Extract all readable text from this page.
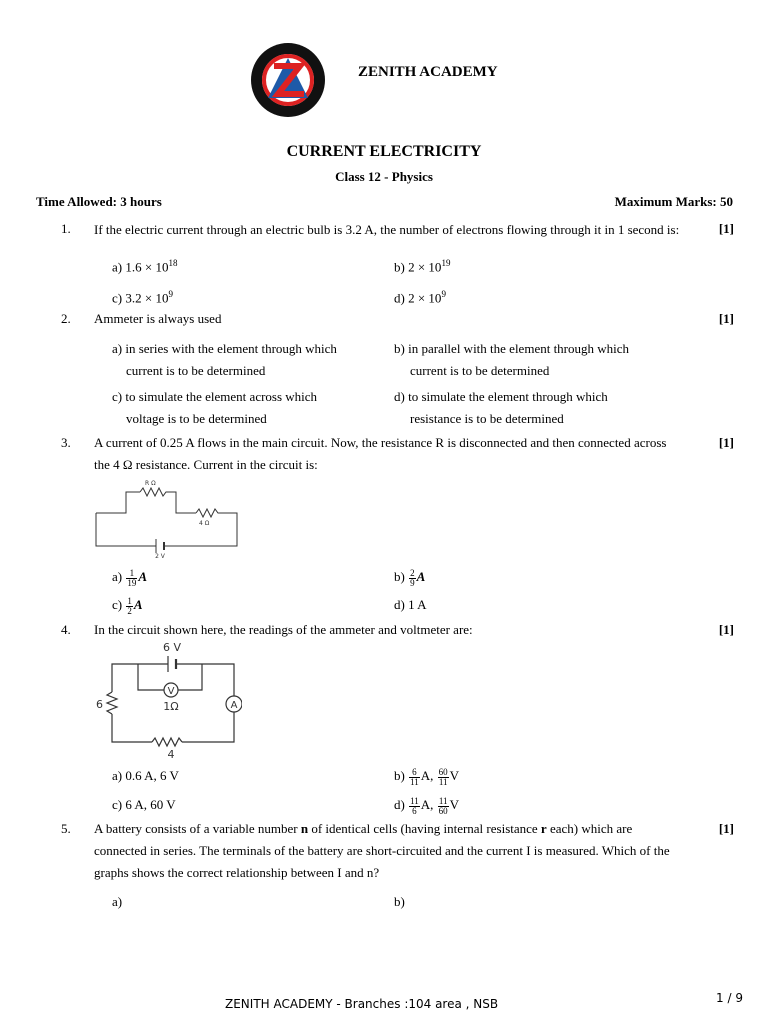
ZENITH ACADEMY
CURRENT ELECTRICITY
Class 12 - Physics
Time Allowed: 3 hours	Maximum Marks: 50
1. If the electric current through an electric bulb is 3.2 A, the number of electrons flowing through it in 1 second is:	[1]
a) $1.6 \times 10^{18}$	b) $2 \times 10^{19}$
c) $3.2 \times 10^9$	d) $2 \times 10^9$
2. Ammeter is always used	[1]
a) in series with the element through which
current is to be determined
b) in parallel with the element through which
current is to be determined
c) to simulate the element across which
voltage is to be determined
d) to simulate the element through which
resistance is to be determined
3. A current of 0.25 A flows in the main circuit. Now, the resistance R is disconnected and then connected across
the 4 Ω resistance. Current in the circuit is:
[1]
R Ω
4 Ω
2 V
$a) \frac{1}{19}$ A	$b) \frac{2}{9}$ A
$c) \frac{1}{2}$ A	d) 1 A
4. In the circuit shown here, the readings of the ammeter and voltmeter are:	[1]
V
A
6 V
6	1Ω
4
a) 0.6 A, 6 V	$b) \frac{6}{11} A$, $\frac{60}{11}$ V
c) 6 A, 60 V	$d) \frac{11}{6} A$, $\frac{11}{60}$ V
5. A battery consists of a variable number n of identical cells (having internal resistance r each) which are
connected in series. The terminals of the battery are short-circuited and the current I is measured. Which of the
graphs shows the correct relationship between I and n?
[1]
a)	b)
ZENITH ACADEMY - Branches :104 area , NSB	1 / 9
